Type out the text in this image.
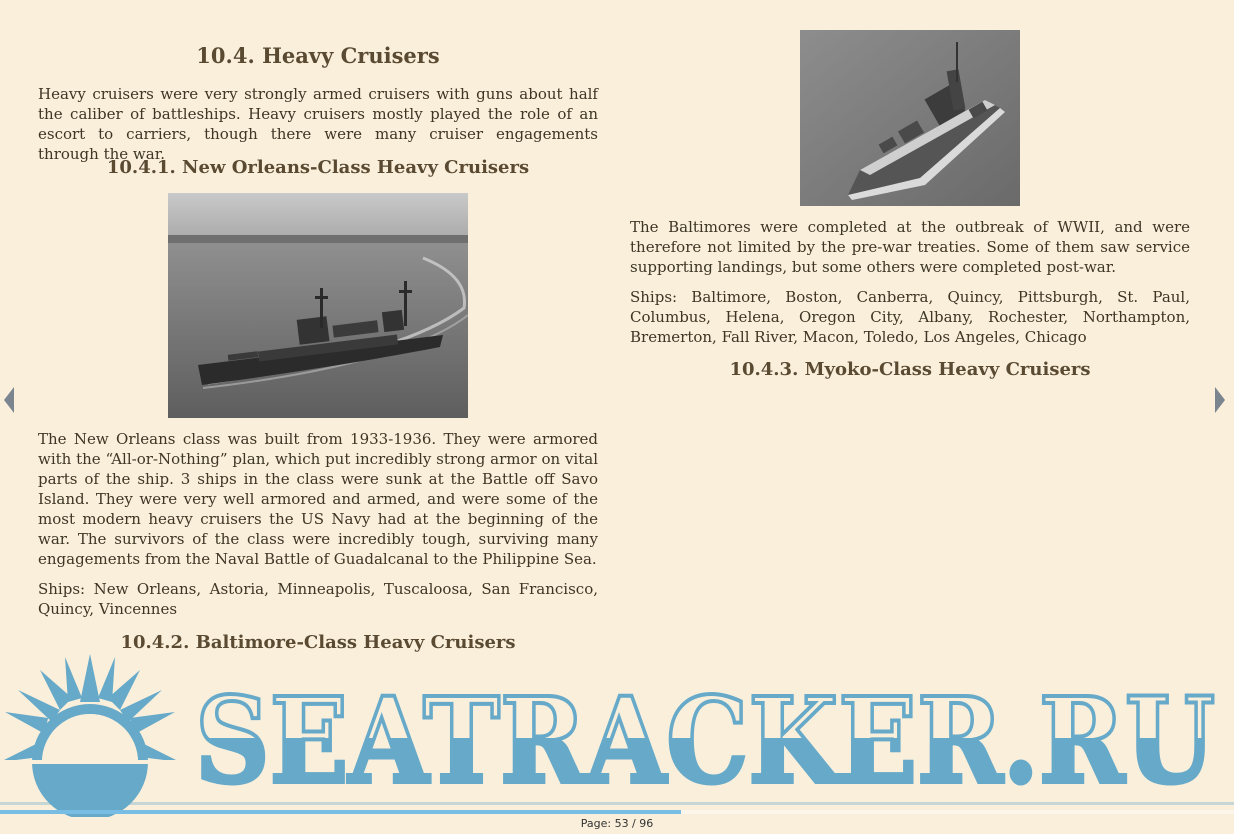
10.4. Heavy Cruisers

Heavy cruisers were very strongly armed cruisers with guns about half the caliber of battleships. Heavy cruisers mostly played the role of an escort to carriers, though there were many cruiser engagements through the war.

10.4.1. New Orleans-Class Heavy Cruisers

The New Orleans class was built from 1933-1936. They were armored with the “All-or-Nothing” plan, which put incredibly strong armor on vital parts of the ship. 3 ships in the class were sunk at the Battle off Savo Island. They were very well armored and armed, and were some of the most modern heavy cruisers the US Navy had at the beginning of the war. The survivors of the class were incredibly tough, surviving many engagements from the Naval Battle of Guadalcanal to the Philippine Sea.

Ships: New Orleans, Astoria, Minneapolis, Tuscaloosa, San Francisco, Quincy, Vincennes

10.4.2. Baltimore-Class Heavy Cruisers

The Baltimores were completed at the outbreak of WWII, and were therefore not limited by the pre-war treaties. Some of them saw service supporting landings, but some others were completed post-war.

Ships: Baltimore, Boston, Canberra, Quincy, Pittsburgh, St. Paul, Columbus, Helena, Oregon City, Albany, Rochester, Northampton, Bremerton, Fall River, Macon, Toledo, Los Angeles, Chicago

10.4.3. Myoko-Class Heavy Cruisers
SEATRACKER.RU
Page: 53 / 96
